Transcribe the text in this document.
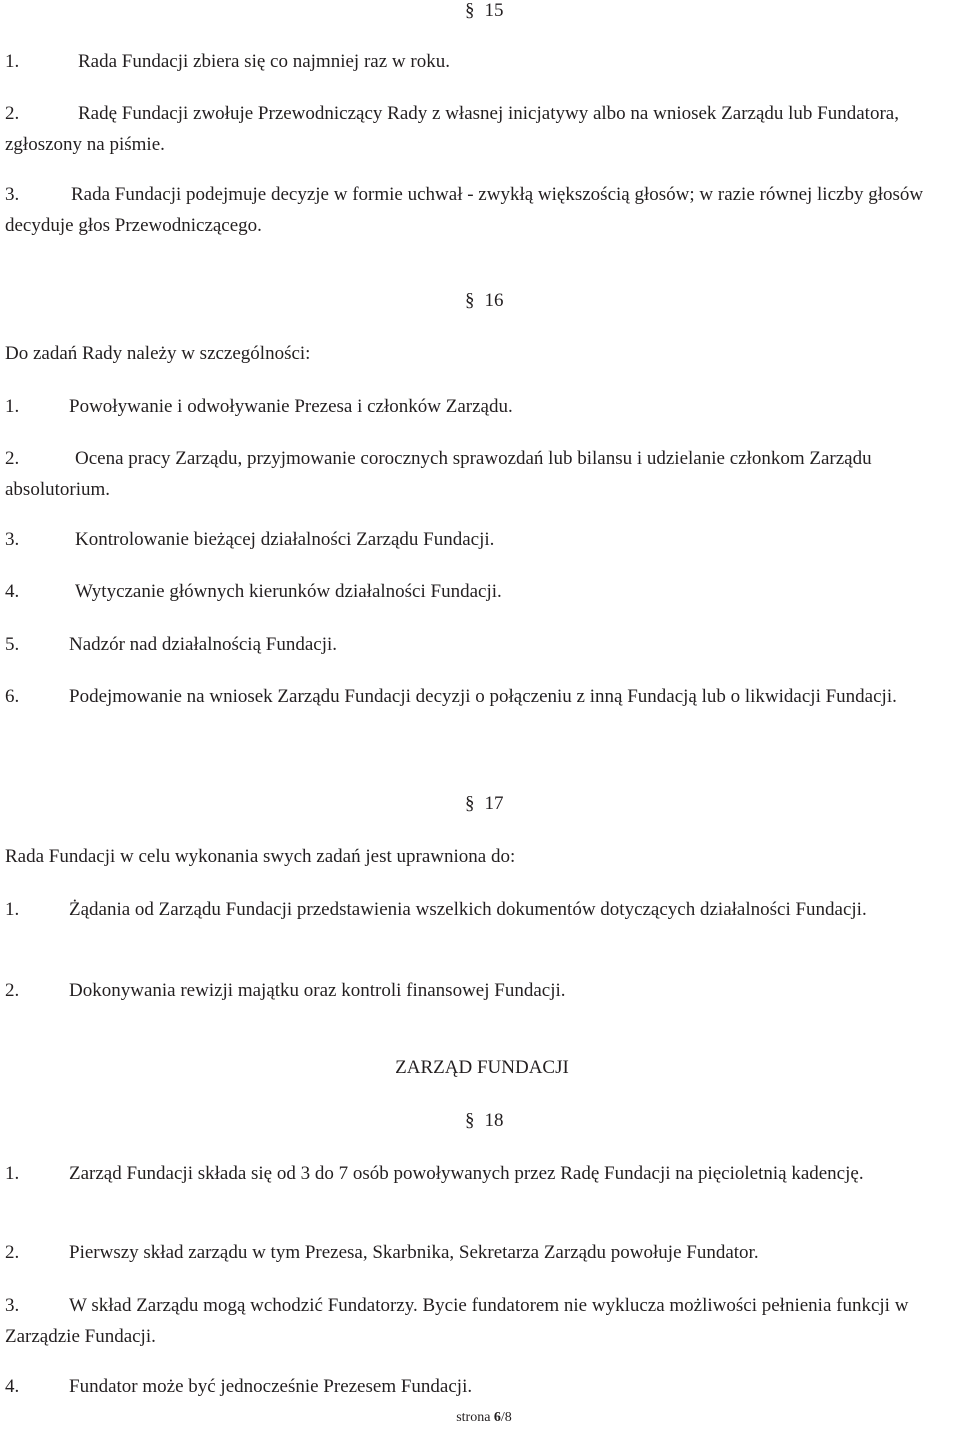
§ 15

1.	Rada Fundacji zbiera się co najmniej raz w roku.

2.	Radę Fundacji zwołuje Przewodniczący Rady z własnej inicjatywy albo na wniosek Zarządu lub Fundatora, zgłoszony na piśmie.

3.	Rada Fundacji podejmuje decyzje w formie uchwał - zwykłą większością głosów; w razie równej liczby głosów decyduje głos Przewodniczącego.

§ 16

Do zadań Rady należy w szczególności:

1.	Powoływanie i odwoływanie Prezesa i członków Zarządu.

2.	Ocena pracy Zarządu, przyjmowanie corocznych sprawozdań lub bilansu i udzielanie członkom Zarządu absolutorium.

3.	Kontrolowanie bieżącej działalności Zarządu Fundacji.

4.	Wytyczanie głównych kierunków działalności Fundacji.

5.	Nadzór nad działalnością Fundacji.

6.	Podejmowanie na wniosek Zarządu Fundacji decyzji o połączeniu z inną Fundacją lub o likwidacji Fundacji.

§ 17

Rada Fundacji w celu wykonania swych zadań jest uprawniona do:

1.	Żądania od Zarządu Fundacji przedstawienia wszelkich dokumentów dotyczących działalności Fundacji.

2.	Dokonywania rewizji majątku oraz kontroli finansowej Fundacji.

ZARZĄD FUNDACJI
§ 18

1.	Zarząd Fundacji składa się od 3 do 7 osób powoływanych przez Radę Fundacji na pięcioletnią kadencję.

2.	Pierwszy skład zarządu w tym Prezesa, Skarbnika, Sekretarza Zarządu powołuje Fundator.

3.	W skład Zarządu mogą wchodzić Fundatorzy. Bycie fundatorem nie wyklucza możliwości pełnienia funkcji w Zarządzie Fundacji.

4.	Fundator może być jednocześnie Prezesem Fundacji.

strona 6/8
